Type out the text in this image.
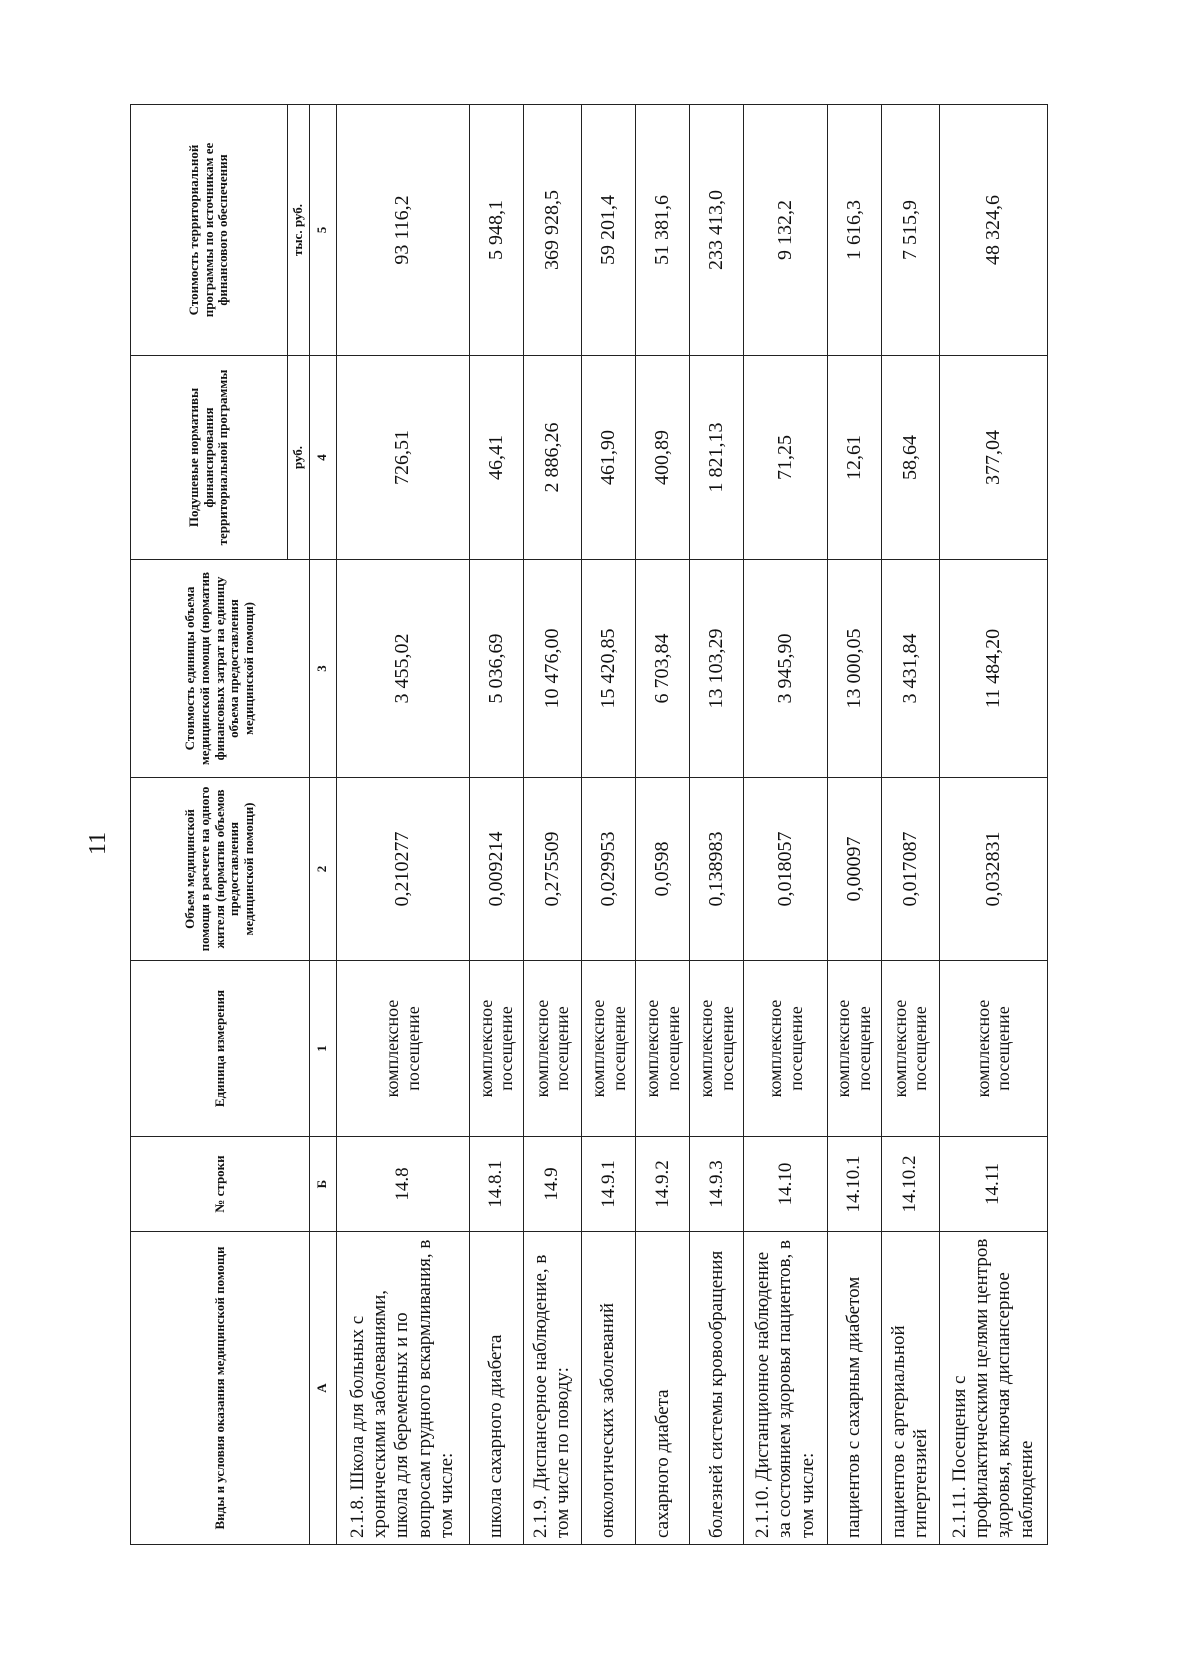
11
Виды и условия оказания медицинской помощи	№ строки	Единица измерения	Объем медицинской помощи в расчете на одного жителя (норматив объемов предоставления медицинской помощи)	Стоимость единицы объема медицинской помощи (норматив финансовых затрат на единицу объема предоставления медицинской помощи)	Подушевые нормативы финансирования территориальной программы	Стоимость территориальной программы по источникам ее финансового обеспечения
					руб.	тыс. руб.
А	Б	1	2	3	4	5
2.1.8. Школа для больных с хроническими заболеваниями, школа для беременных и по вопросам грудного вскармливания, в том числе:	14.8	комплексное посещение	0,210277	3 455,02	726,51	93 116,2
школа сахарного диабета	14.8.1	комплексное посещение	0,009214	5 036,69	46,41	5 948,1
2.1.9. Диспансерное наблюдение, в том числе по поводу:	14.9	комплексное посещение	0,275509	10 476,00	2 886,26	369 928,5
онкологических заболеваний	14.9.1	комплексное посещение	0,029953	15 420,85	461,90	59 201,4
сахарного диабета	14.9.2	комплексное посещение	0,0598	6 703,84	400,89	51 381,6
болезней системы кровообращения	14.9.3	комплексное посещение	0,138983	13 103,29	1 821,13	233 413,0
2.1.10. Дистанционное наблюдение за состоянием здоровья пациентов, в том числе:	14.10	комплексное посещение	0,018057	3 945,90	71,25	9 132,2
пациентов с сахарным диабетом	14.10.1	комплексное посещение	0,00097	13 000,05	12,61	1 616,3
пациентов с артериальной гипертензией	14.10.2	комплексное посещение	0,017087	3 431,84	58,64	7 515,9
2.1.11. Посещения с профилактическими целями центров здоровья, включая диспансерное наблюдение	14.11	комплексное посещение	0,032831	11 484,20	377,04	48 324,6
